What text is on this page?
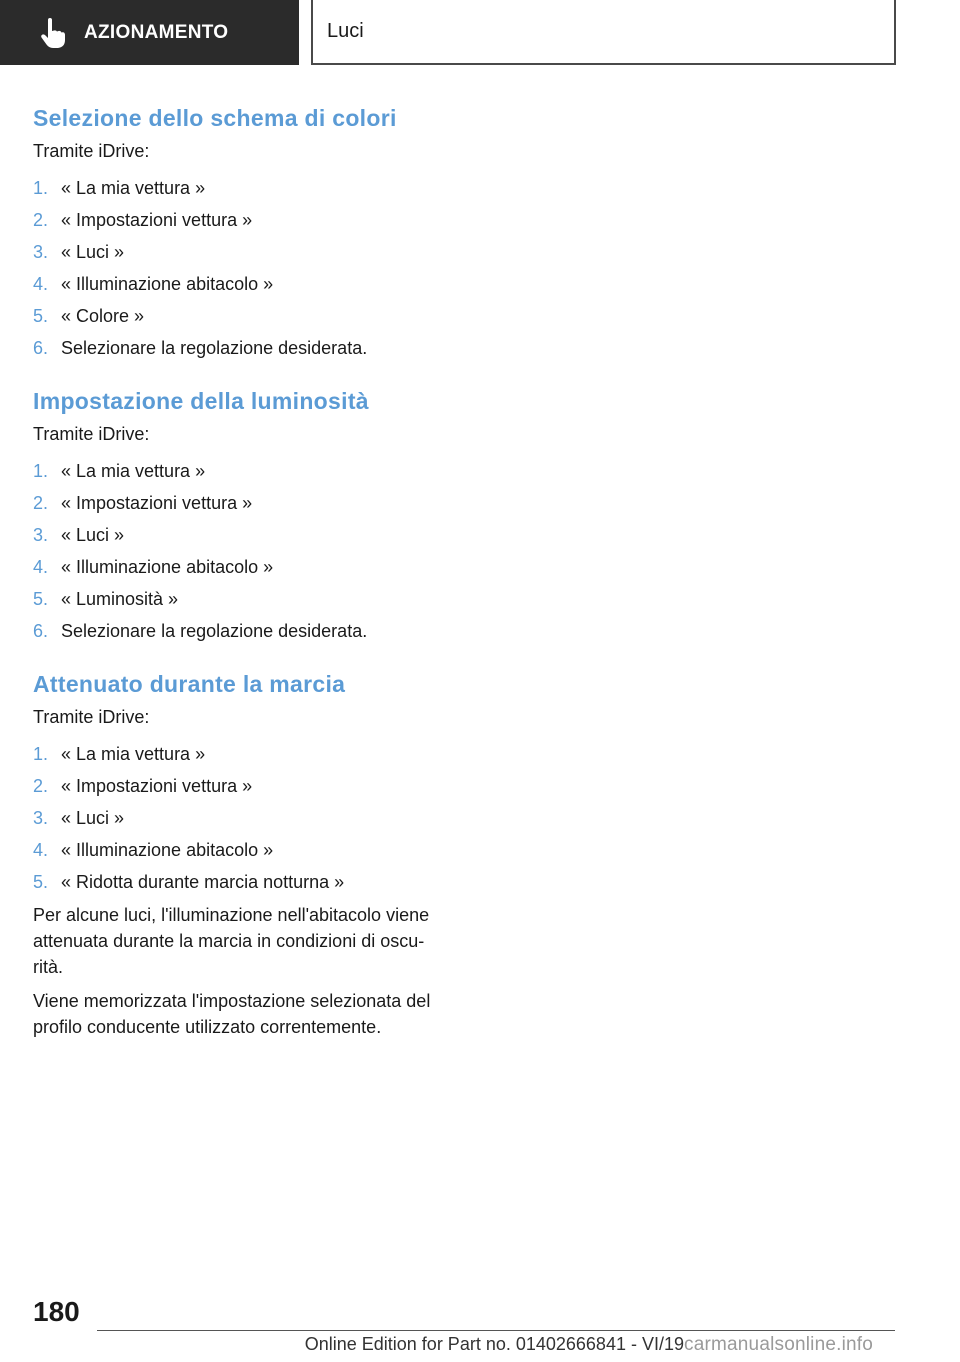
AZIONAMENTO	Luci
Selezione dello schema di colori

Tramite iDrive:

1. « La mia vettura »
2. « Impostazioni vettura »
3. « Luci »
4. « Illuminazione abitacolo »
5. « Colore »
6. Selezionare la regolazione desiderata.
Impostazione della luminosità

Tramite iDrive:

1. « La mia vettura »
2. « Impostazioni vettura »
3. « Luci »
4. « Illuminazione abitacolo »
5. « Luminosità »
6. Selezionare la regolazione desiderata.
Attenuato durante la marcia

Tramite iDrive:

1. « La mia vettura »
2. « Impostazioni vettura »
3. « Luci »
4. « Illuminazione abitacolo »
5. « Ridotta durante marcia notturna »

Per alcune luci, l'illuminazione nell'abitacolo viene attenuata durante la marcia in condizioni di oscu-rità.

Viene memorizzata l'impostazione selezionata del profilo conducente utilizzato correntemente.

180
Online Edition for Part no. 01402666841 - VI/19 carmanualsonline.info
